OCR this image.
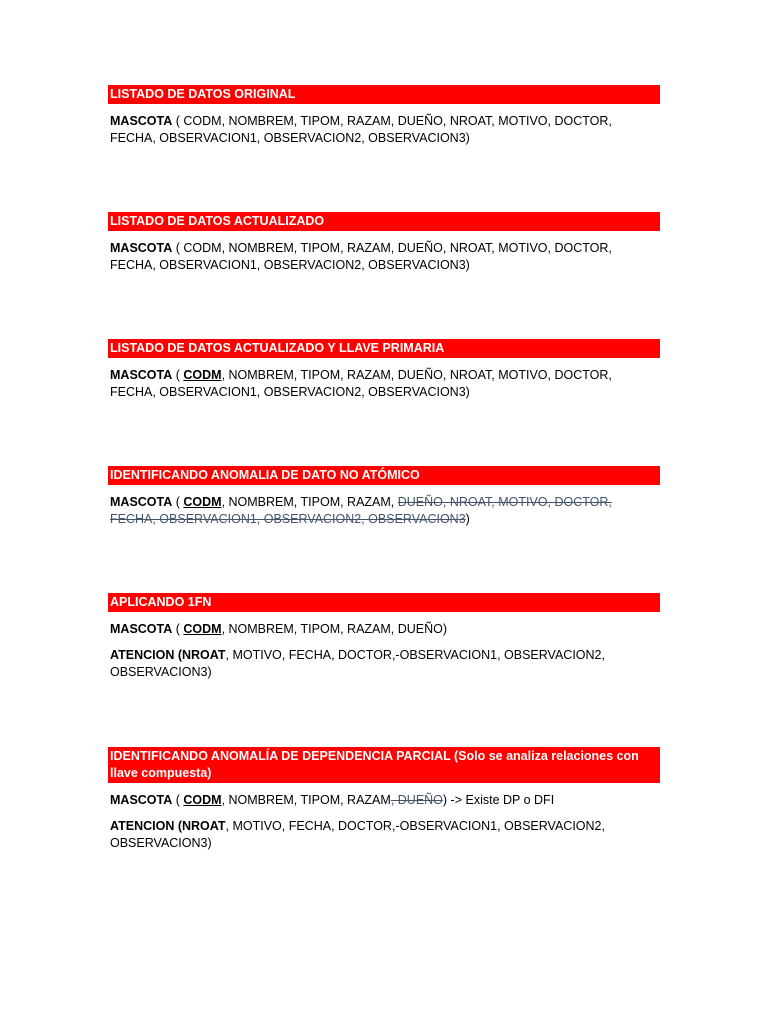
LISTADO DE DATOS ORIGINAL
MASCOTA ( CODM, NOMBREM, TIPOM, RAZAM, DUEÑO, NROAT, MOTIVO, DOCTOR, FECHA, OBSERVACION1, OBSERVACION2, OBSERVACION3)
LISTADO DE DATOS ACTUALIZADO
MASCOTA ( CODM, NOMBREM, TIPOM, RAZAM, DUEÑO, NROAT, MOTIVO, DOCTOR, FECHA, OBSERVACION1, OBSERVACION2, OBSERVACION3)
LISTADO DE DATOS ACTUALIZADO Y LLAVE PRIMARIA
MASCOTA ( CODM, NOMBREM, TIPOM, RAZAM, DUEÑO, NROAT, MOTIVO, DOCTOR, FECHA, OBSERVACION1, OBSERVACION2, OBSERVACION3)
IDENTIFICANDO ANOMALIA DE DATO NO ATÓMICO
MASCOTA ( CODM, NOMBREM, TIPOM, RAZAM, DUEÑO, NROAT, MOTIVO, DOCTOR, FECHA, OBSERVACION1, OBSERVACION2, OBSERVACION3)
APLICANDO 1FN
MASCOTA ( CODM, NOMBREM, TIPOM, RAZAM, DUEÑO)
ATENCION (NROAT, MOTIVO, FECHA, DOCTOR,-OBSERVACION1, OBSERVACION2, OBSERVACION3)
IDENTIFICANDO ANOMALÍA DE DEPENDENCIA PARCIAL (Solo se analiza relaciones con llave compuesta)
MASCOTA ( CODM, NOMBREM, TIPOM, RAZAM, DUEÑO) -> Existe DP o DFI
ATENCION (NROAT, MOTIVO, FECHA, DOCTOR,-OBSERVACION1, OBSERVACION2, OBSERVACION3)
